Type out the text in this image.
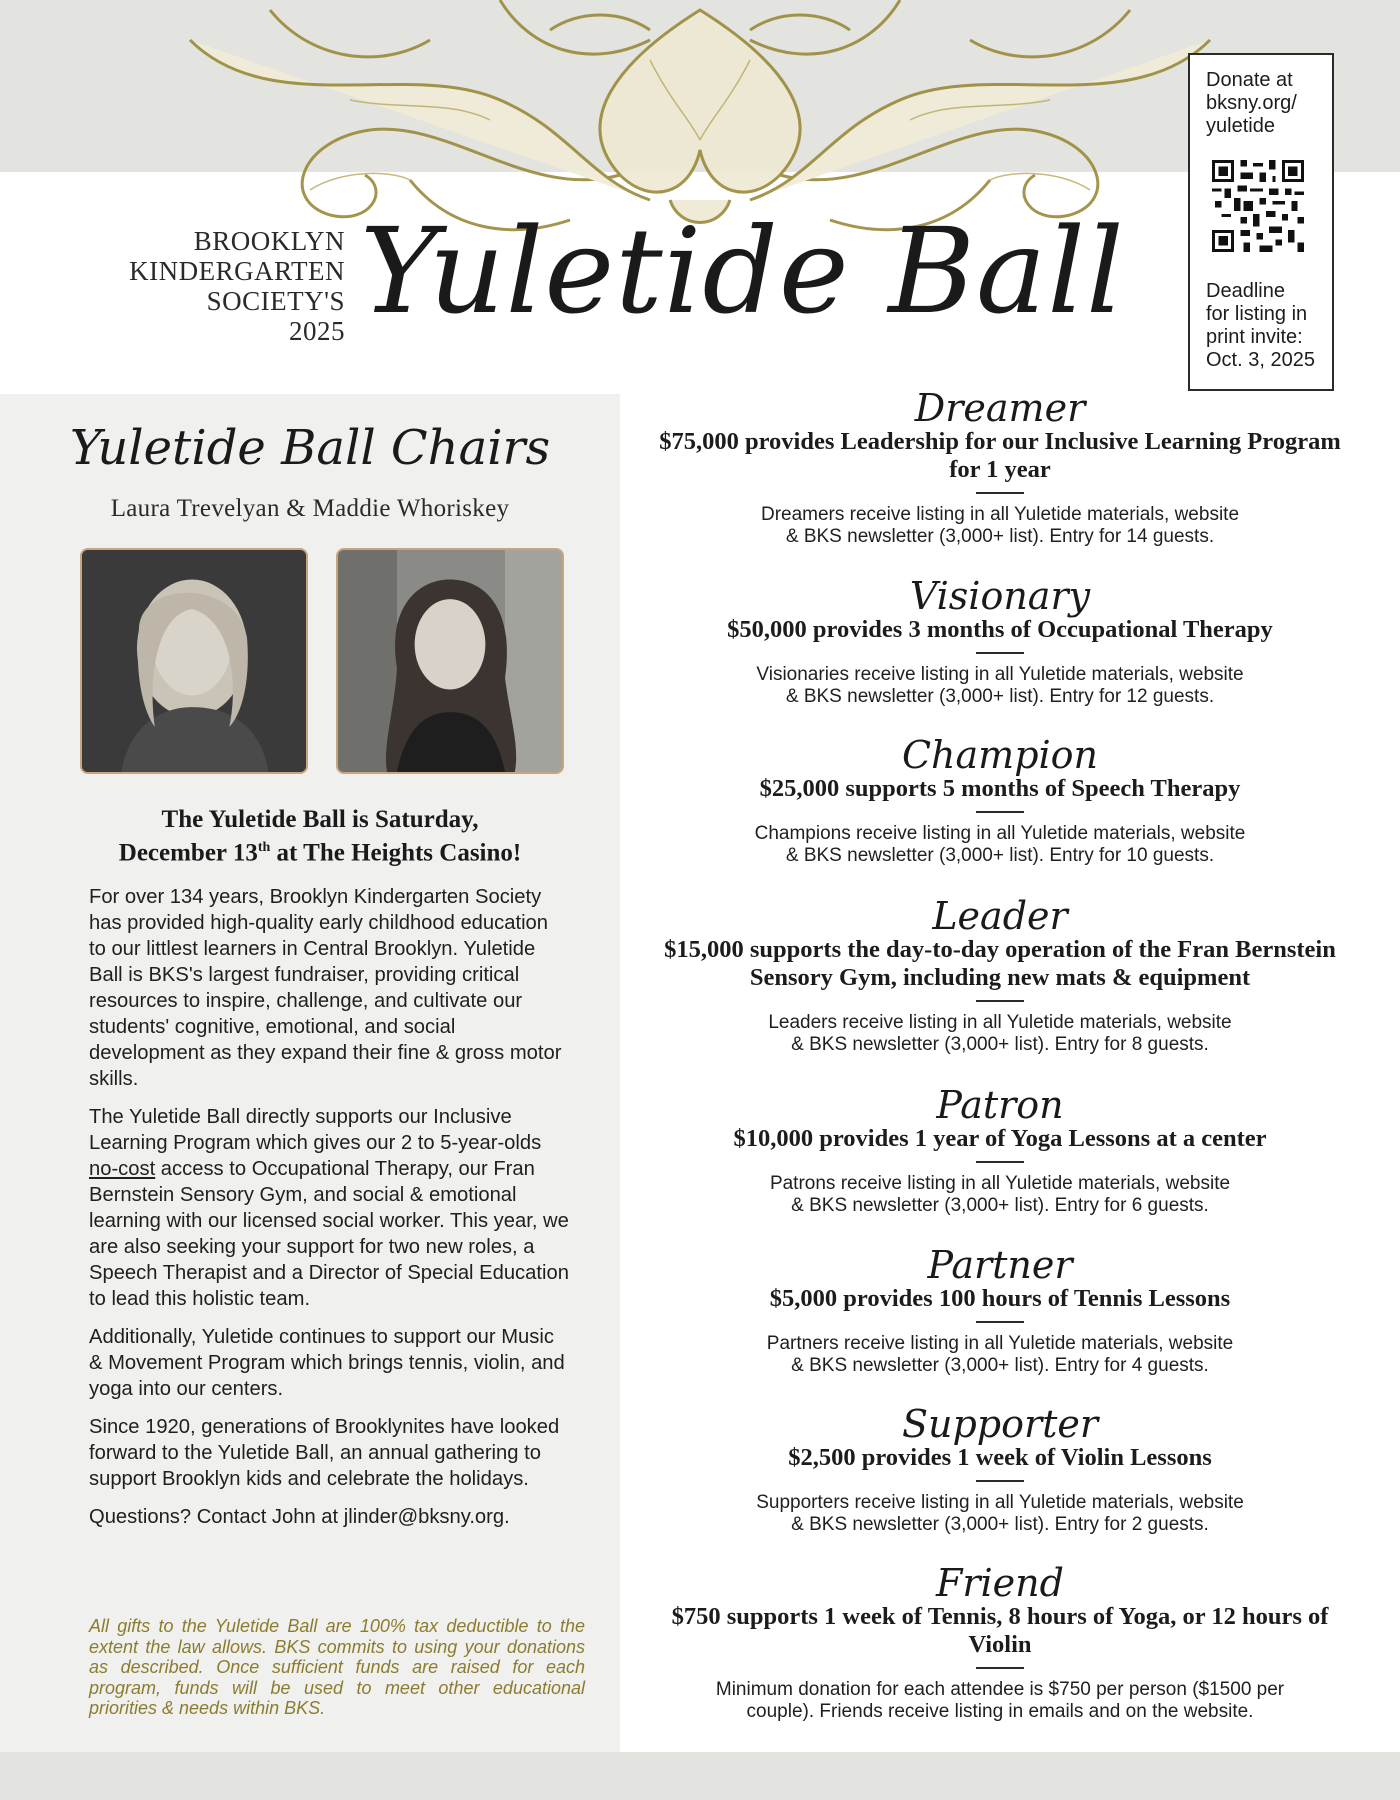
BROOKLYN
KINDERGARTEN
SOCIETY'S
2025 Yuletide Ball
Donate at
bksny.org/
yuletide
Deadline
for listing in
print invite:
Oct. 3, 2025
Yuletide Ball Chairs
Laura Trevelyan & Maddie Whoriskey
The Yuletide Ball is Saturday,
December 13th at The Heights Casino!

For over 134 years, Brooklyn Kindergarten Society has provided high-quality early childhood education to our littlest learners in Central Brooklyn. Yuletide Ball is BKS's largest fundraiser, providing critical resources to inspire, challenge, and cultivate our students' cognitive, emotional, and social development as they expand their fine & gross motor skills.

The Yuletide Ball directly supports our Inclusive Learning Program which gives our 2 to 5-year-olds no-cost access to Occupational Therapy, our Fran Bernstein Sensory Gym, and social & emotional learning with our licensed social worker. This year, we are also seeking your support for two new roles, a Speech Therapist and a Director of Special Education to lead this holistic team.

Additionally, Yuletide continues to support our Music & Movement Program which brings tennis, violin, and yoga into our centers.

Since 1920, generations of Brooklynites have looked forward to the Yuletide Ball, an annual gathering to support Brooklyn kids and celebrate the holidays.

Questions? Contact John at jlinder@bksny.org.

All gifts to the Yuletide Ball are 100% tax deductible to the extent the law allows. BKS commits to using your donations as described. Once sufficient funds are raised for each program, funds will be used to meet other educational priorities & needs within BKS.
Dreamer
$75,000 provides Leadership for our Inclusive Learning Program for 1 year
Dreamers receive listing in all Yuletide materials, website
& BKS newsletter (3,000+ list). Entry for 14 guests.
Visionary
$50,000 provides 3 months of Occupational Therapy
Visionaries receive listing in all Yuletide materials, website
& BKS newsletter (3,000+ list). Entry for 12 guests.
Champion
$25,000 supports 5 months of Speech Therapy
Champions receive listing in all Yuletide materials, website
& BKS newsletter (3,000+ list). Entry for 10 guests.
Leader
$15,000 supports the day-to-day operation of the Fran Bernstein Sensory Gym, including new mats & equipment
Leaders receive listing in all Yuletide materials, website
& BKS newsletter (3,000+ list). Entry for 8 guests.
Patron
$10,000 provides 1 year of Yoga Lessons at a center
Patrons receive listing in all Yuletide materials, website
& BKS newsletter (3,000+ list). Entry for 6 guests.
Partner
$5,000 provides 100 hours of Tennis Lessons
Partners receive listing in all Yuletide materials, website
& BKS newsletter (3,000+ list). Entry for 4 guests.
Supporter
$2,500 provides 1 week of Violin Lessons
Supporters receive listing in all Yuletide materials, website
& BKS newsletter (3,000+ list). Entry for 2 guests.
Friend
$750 supports 1 week of Tennis, 8 hours of Yoga, or 12 hours of Violin
Minimum donation for each attendee is $750 per person ($1500 per
couple). Friends receive listing in emails and on the website.
